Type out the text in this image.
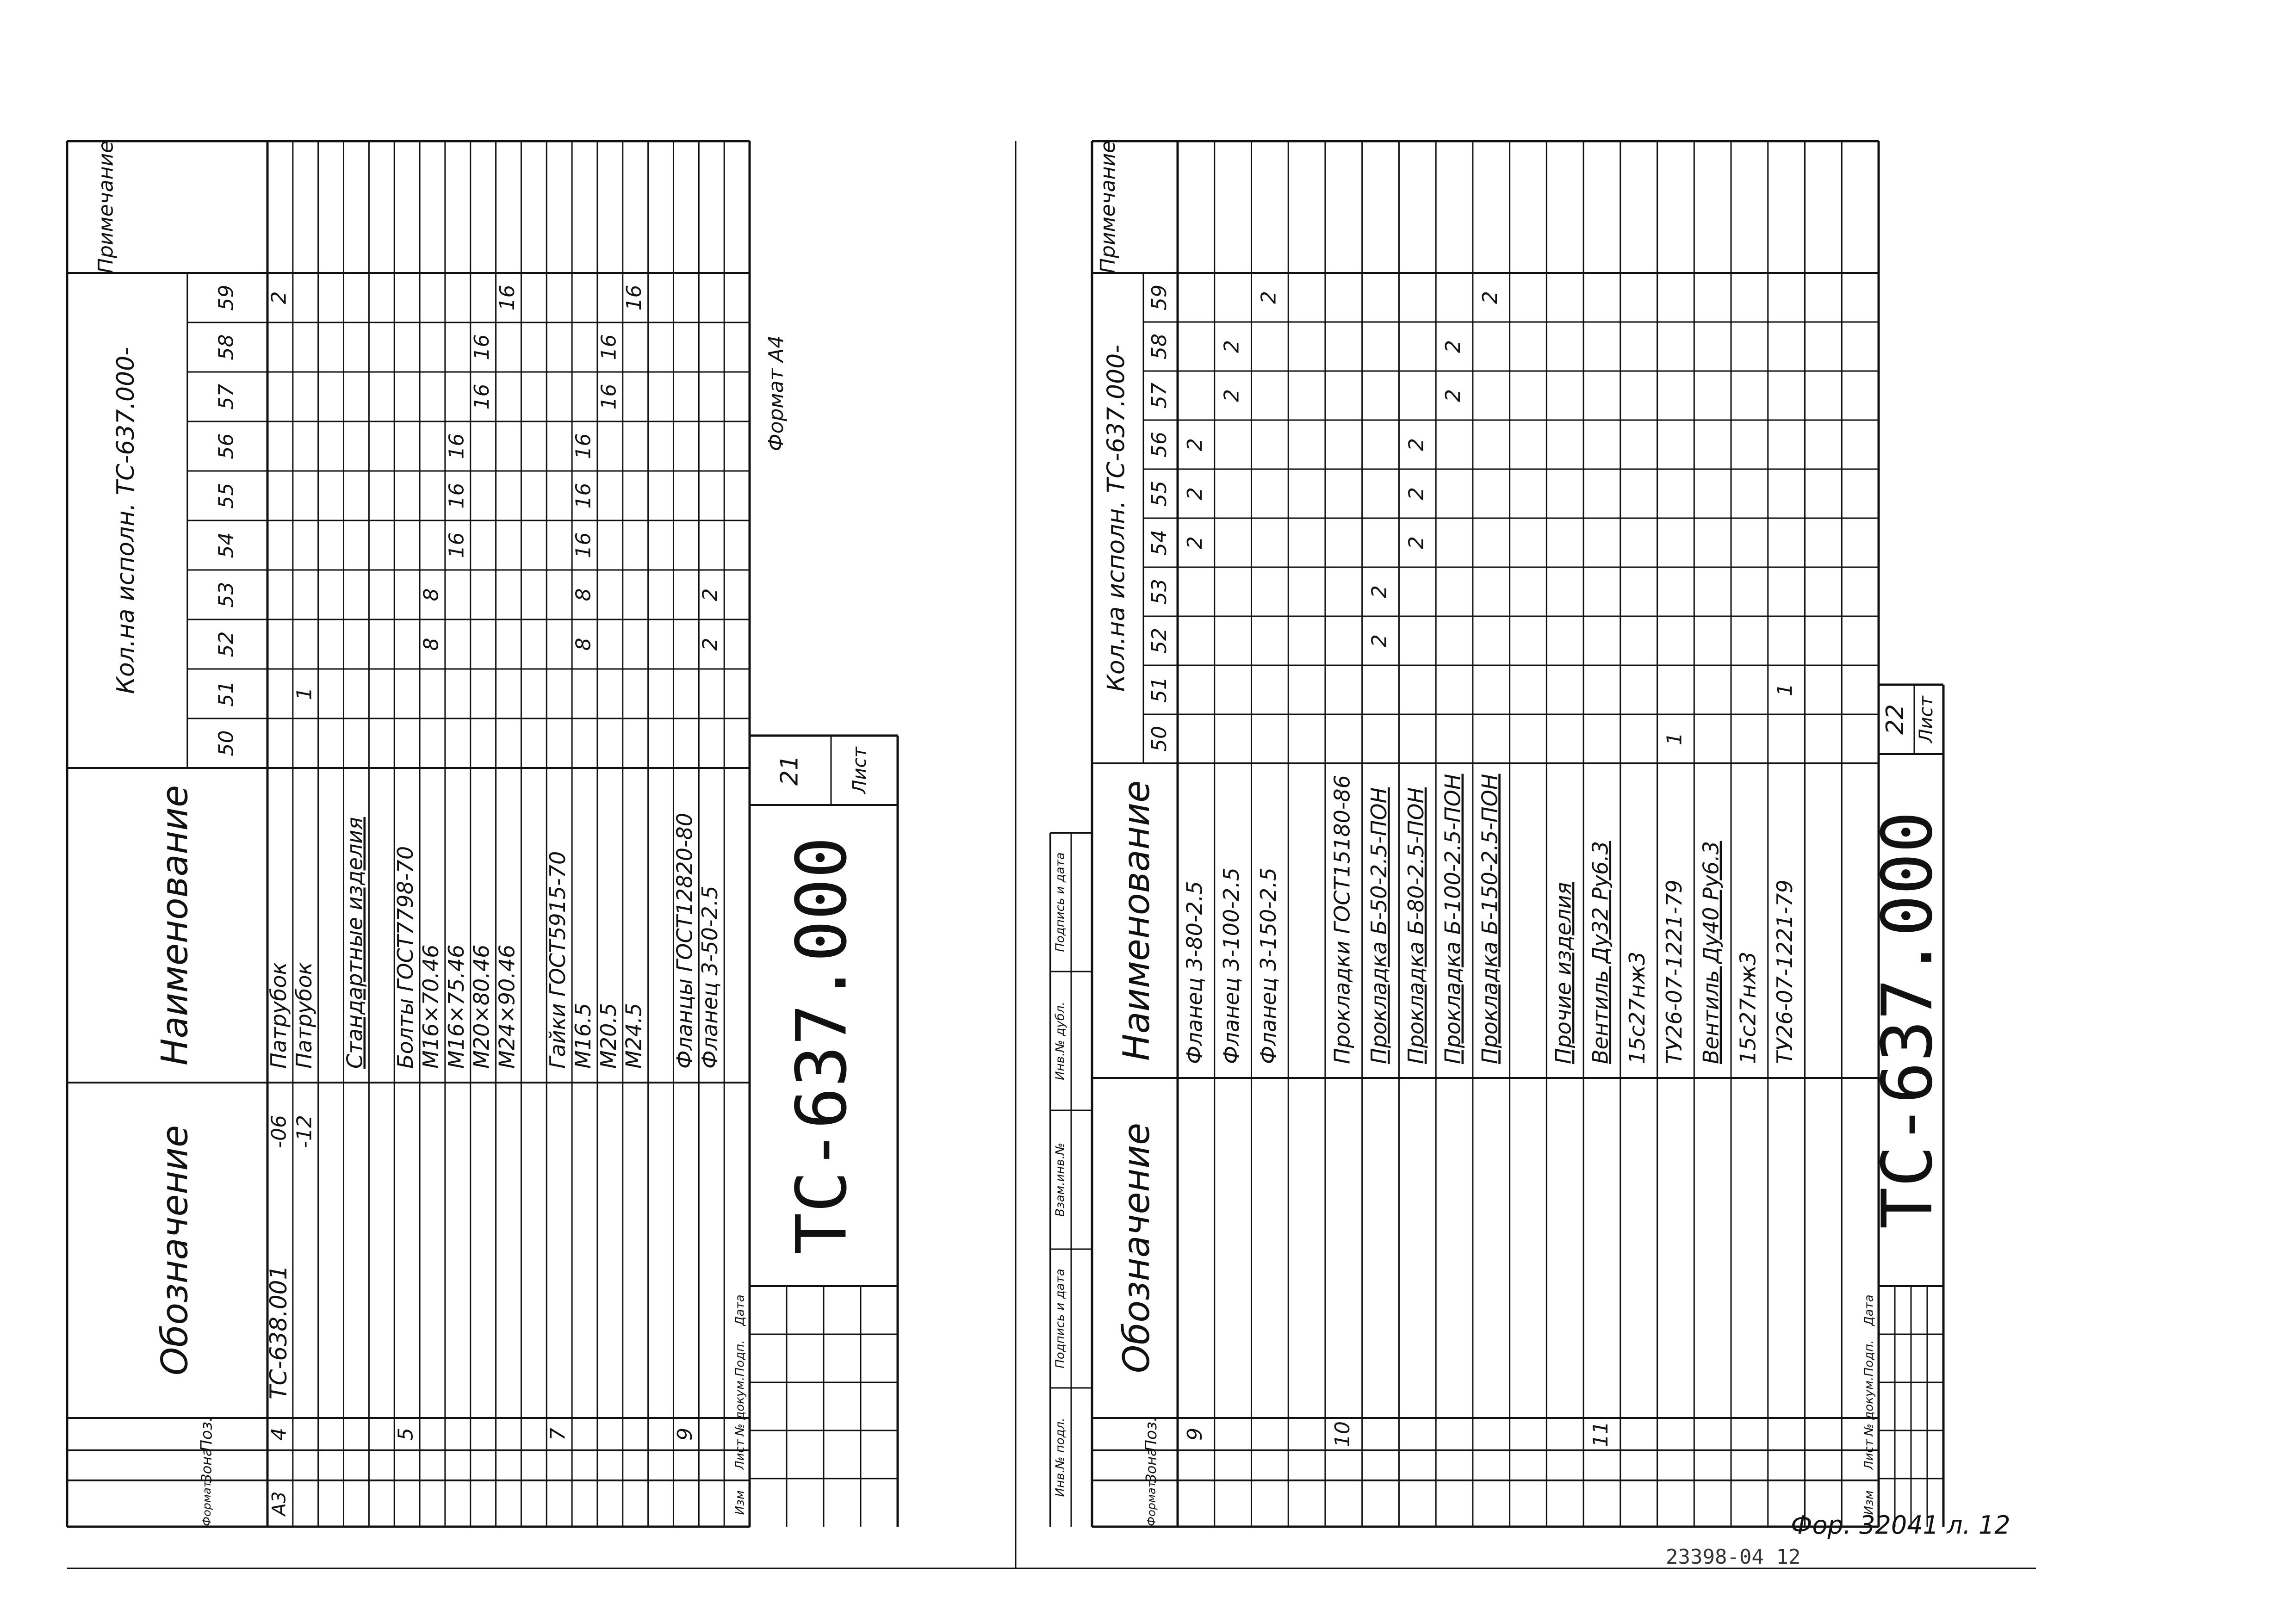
Обозначение
Наименование
Кол.на исполн. ТС-637.000-
Примечание
Поз.
Зона
Формат
50
51
52
53
54
55
56
57
58
59
А3
4
ТС-638.001
-06
Патрубок
2
-12
Патрубок
1
Стандартные изделия
5
Болты ГОСТ7798-70 М16×70.46
8
8
М16×75.46
16
16
16
М20×80.46
16
16
М24×90.46
16
7
Гайки ГОСТ5915-70 М16.5
8
8
16
16
16
М20.5
16
16
М24.5
16
9
Фланцы ГОСТ12820-80 Фланец 3-50-2.5
2
2
ТС-637.000
Лист
21
Изм
Лист
№ докум.
Подп.
Дата
Формат А4
Обозначение
Наименование
Кол.на исполн. ТС-637.000-
Примечание
Поз.
Зона
Формат
50
51
52
53
54
55
56
57
58
59
9
Фланец 3-80-2.5
2
2
2
Фланец 3-100-2.5
2
2
Фланец 3-150-2.5
2
10
Прокладки ГОСТ15180-86 Прокладка Б-50-2.5-ПОН
2
2
Прокладка Б-80-2.5-ПОН
2
2
2
Прокладка Б-100-2.5-ПОН
2
2
Прокладка Б-150-2.5-ПОН
2
Прочие изделия
11
Вентиль Ду32 Ру6.3 15с27нж3 ТУ26-07-1221-79
1
Вентиль Ду40 Ру6.3 15с27нж3 ТУ26-07-1221-79
1
ТС-637.000
Лист
22
Изм
Лист
№ докум.
Подп.
Дата
Инв.№ подл.
Подпись и дата
Взам.инв.№
Инв.№ дубл.
Подпись и дата
Фор. 32041 л. 12
23398-04 12
